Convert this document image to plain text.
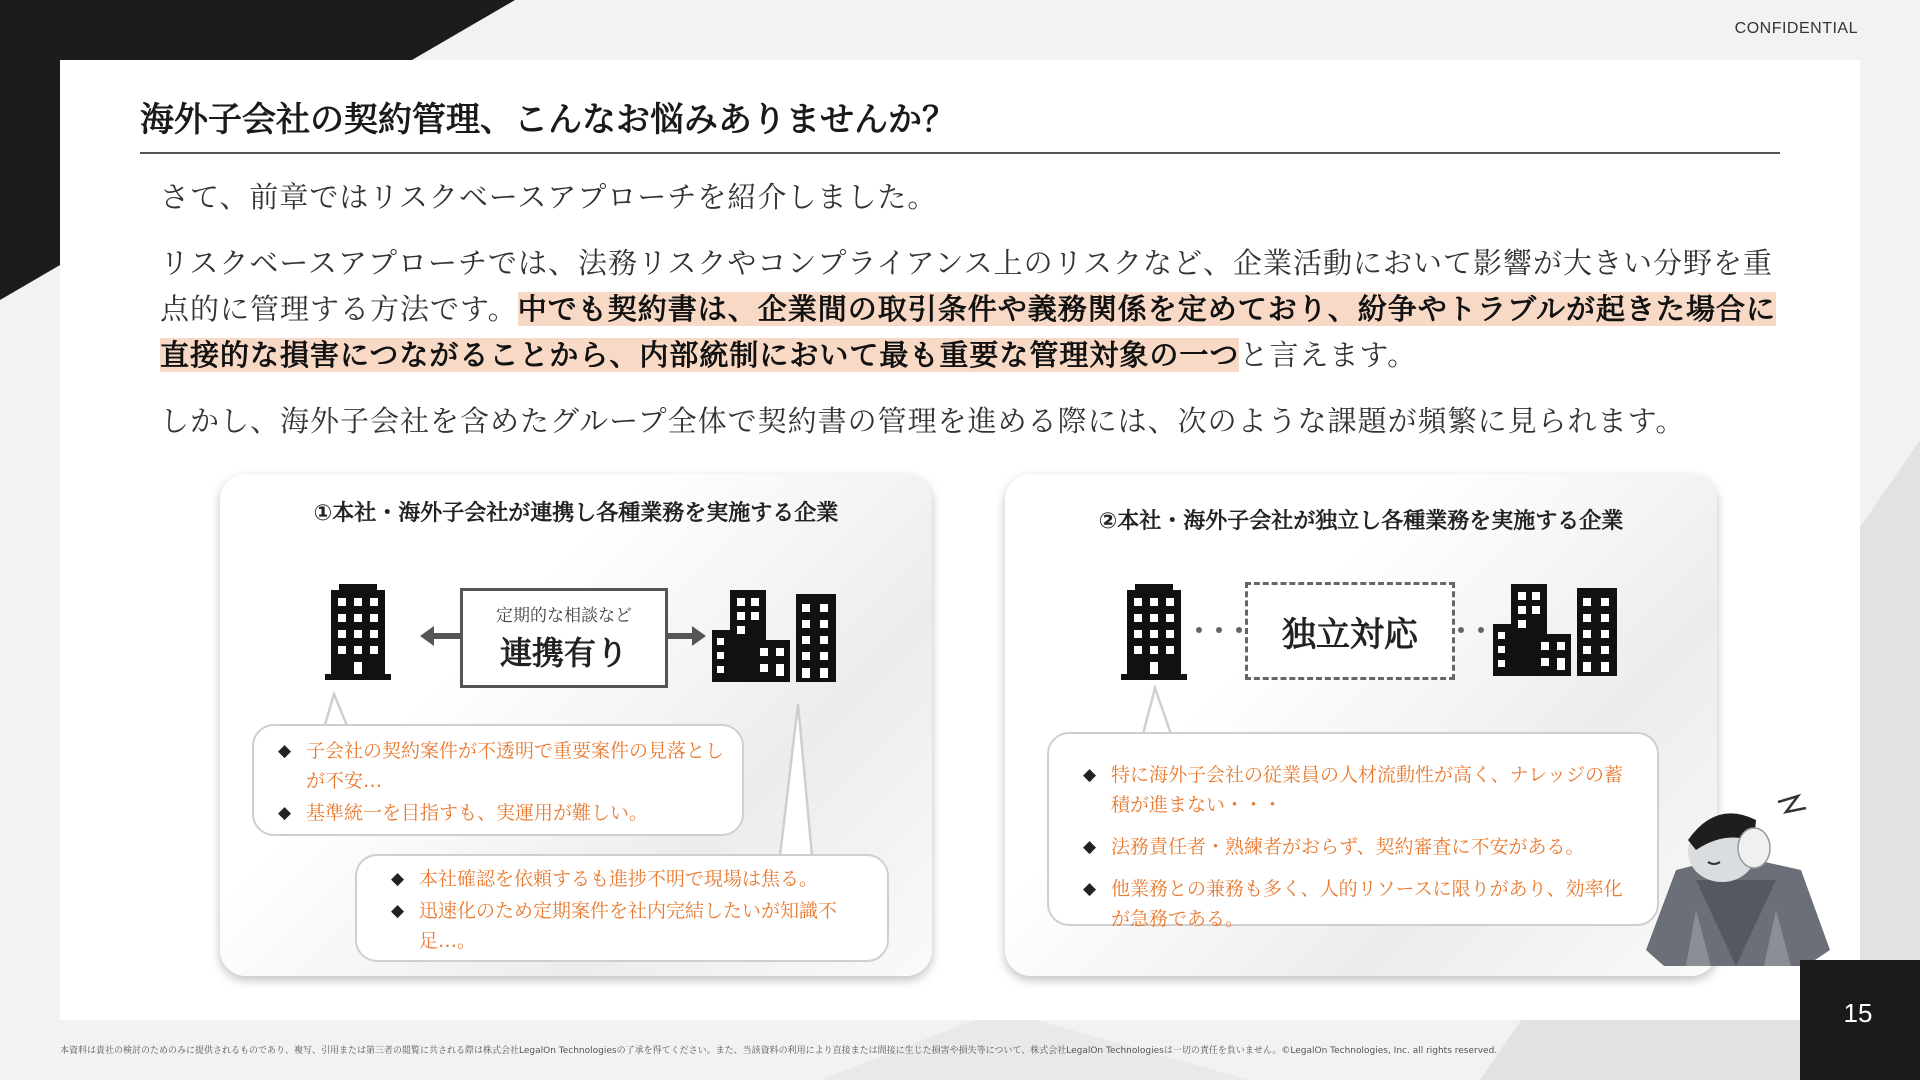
CONFIDENTIAL
海外子会社の契約管理、こんなお悩みありませんか？
さて、前章ではリスクベースアプローチを紹介しました。
リスクベースアプローチでは、法務リスクやコンプライアンス上のリスクなど、企業活動において影響が大きい分野を重点的に管理する方法です。中でも契約書は、企業間の取引条件や義務関係を定めており、紛争やトラブルが起きた場合に直接的な損害につながることから、内部統制において最も重要な管理対象の一つと言えます。
しかし、海外子会社を含めたグループ全体で契約書の管理を進める際には、次のような課題が頻繁に見られます。
①本社・海外子会社が連携し各種業務を実施する企業
定期的な相談など
連携有り
◆ 子会社の契約案件が不透明で重要案件の見落としが不安…
◆ 基準統一を目指すも、実運用が難しい。
◆ 本社確認を依頼するも進捗不明で現場は焦る。
◆ 迅速化のため定期案件を社内完結したいが知識不足…。
②本社・海外子会社が独立し各種業務を実施する企業
独立対応
◆ 特に海外子会社の従業員の人材流動性が高く、ナレッジの蓄積が進まない・・・
◆ 法務責任者・熟練者がおらず、契約審査に不安がある。
◆ 他業務との兼務も多く、人的リソースに限りがあり、効率化が急務である。
15
本資料は貴社の検討のためのみに提供されるものであり、複写、引用または第三者の閲覧に共される際は株式会社LegalOn Technologiesの了承を得てください。また、当該資料の利用により直接または間接に生じた損害や損失等について、株式会社LegalOn Technologiesは一切の責任を負いません。©LegalOn Technologies, Inc. all rights reserved.
